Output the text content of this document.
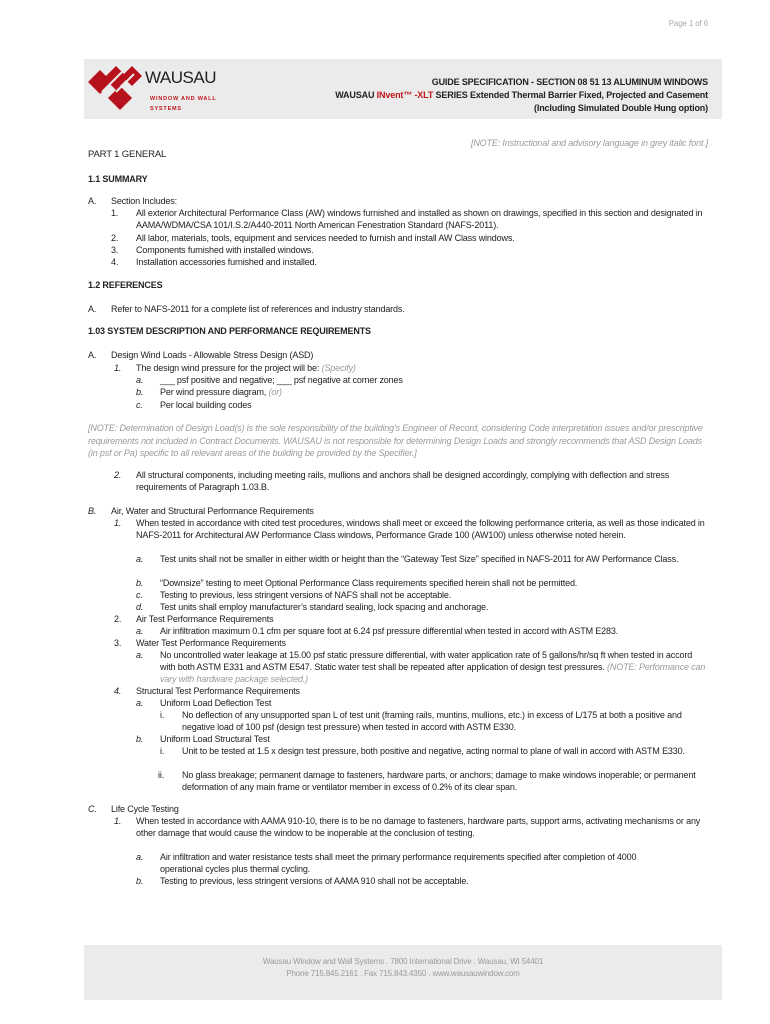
Page 1 of 6
WAUSAU
WINDOW AND WALL
SYSTEMS
GUIDE SPECIFICATION - SECTION 08 51 13 ALUMINUM WINDOWS
WAUSAU INvent™ -XLT SERIES Extended Thermal Barrier Fixed, Projected and Casement
(Including Simulated Double Hung option)
[NOTE: Instructional and advisory language in grey italic font.]
PART 1 GENERAL
1.1 SUMMARY
A. Section Includes:
1. All exterior Architectural Performance Class (AW) windows furnished and installed as shown on drawings, specified in this section and designated in AAMA/WDMA/CSA 101/I.S.2/A440-2011 North American Fenestration Standard (NAFS-2011).
2. All labor, materials, tools, equipment and services needed to furnish and install AW Class windows.
3. Components furnished with installed windows.
4. Installation accessories furnished and installed.
1.2 REFERENCES
A. Refer to NAFS-2011 for a complete list of references and industry standards.
1.03 SYSTEM DESCRIPTION AND PERFORMANCE REQUIREMENTS
A. Design Wind Loads - Allowable Stress Design (ASD)
1. The design wind pressure for the project will be: (Specify)
a. ___ psf positive and negative; ___ psf negative at corner zones
b. Per wind pressure diagram, (or)
c. Per local building codes
[NOTE: Determination of Design Load(s) is the sole responsibility of the building's Engineer of Record, considering Code interpretation issues and/or prescriptive requirements not included in Contract Documents. WAUSAU is not responsible for determining Design Loads and strongly recommends that ASD Design Loads (in psf or Pa) specific to all relevant areas of the building be provided by the Specifier.]
2. All structural components, including meeting rails, mullions and anchors shall be designed accordingly, complying with deflection and stress requirements of Paragraph 1.03.B.
B. Air, Water and Structural Performance Requirements
1. When tested in accordance with cited test procedures, windows shall meet or exceed the following performance criteria, as well as those indicated in NAFS-2011 for Architectural AW Performance Class windows, Performance Grade 100 (AW100) unless otherwise noted herein.
a. Test units shall not be smaller in either width or height than the “Gateway Test Size” specified in NAFS-2011 for AW Performance Class.
b. “Downsize” testing to meet Optional Performance Class requirements specified herein shall not be permitted.
c. Testing to previous, less stringent versions of NAFS shall not be acceptable.
d. Test units shall employ manufacturer’s standard sealing, lock spacing and anchorage.
2. Air Test Performance Requirements
a. Air infiltration maximum 0.1 cfm per square foot at 6.24 psf pressure differential when tested in accord with ASTM E283.
3. Water Test Performance Requirements
a. No uncontrolled water leakage at 15.00 psf static pressure differential, with water application rate of 5 gallons/hr/sq ft when tested in accord with both ASTM E331 and ASTM E547. Static water test shall be repeated after application of design test pressures. (NOTE: Performance can vary with hardware package selected.)
4. Structural Test Performance Requirements
a. Uniform Load Deflection Test
i. No deflection of any unsupported span L of test unit (framing rails, muntins, mullions, etc.) in excess of L/175 at both a positive and negative load of 100 psf (design test pressure) when tested in accord with ASTM E330.
b. Uniform Load Structural Test
i. Unit to be tested at 1.5 x design test pressure, both positive and negative, acting normal to plane of wall in accord with ASTM E330.
ii. No glass breakage; permanent damage to fasteners, hardware parts, or anchors; damage to make windows inoperable; or permanent deformation of any main frame or ventilator member in excess of 0.2% of its clear span.
C. Life Cycle Testing
1. When tested in accordance with AAMA 910-10, there is to be no damage to fasteners, hardware parts, support arms, activating mechanisms or any other damage that would cause the window to be inoperable at the conclusion of testing.
a. Air infiltration and water resistance tests shall meet the primary performance requirements specified after completion of 4000 operational cycles plus thermal cycling.
b. Testing to previous, less stringent versions of AAMA 910 shall not be acceptable.
Wausau Window and Wall Systems . 7800 International Drive . Wausau, WI 54401
Phone 715.845.2161 . Fax 715.843.4350 . www.wausauwindow.com
